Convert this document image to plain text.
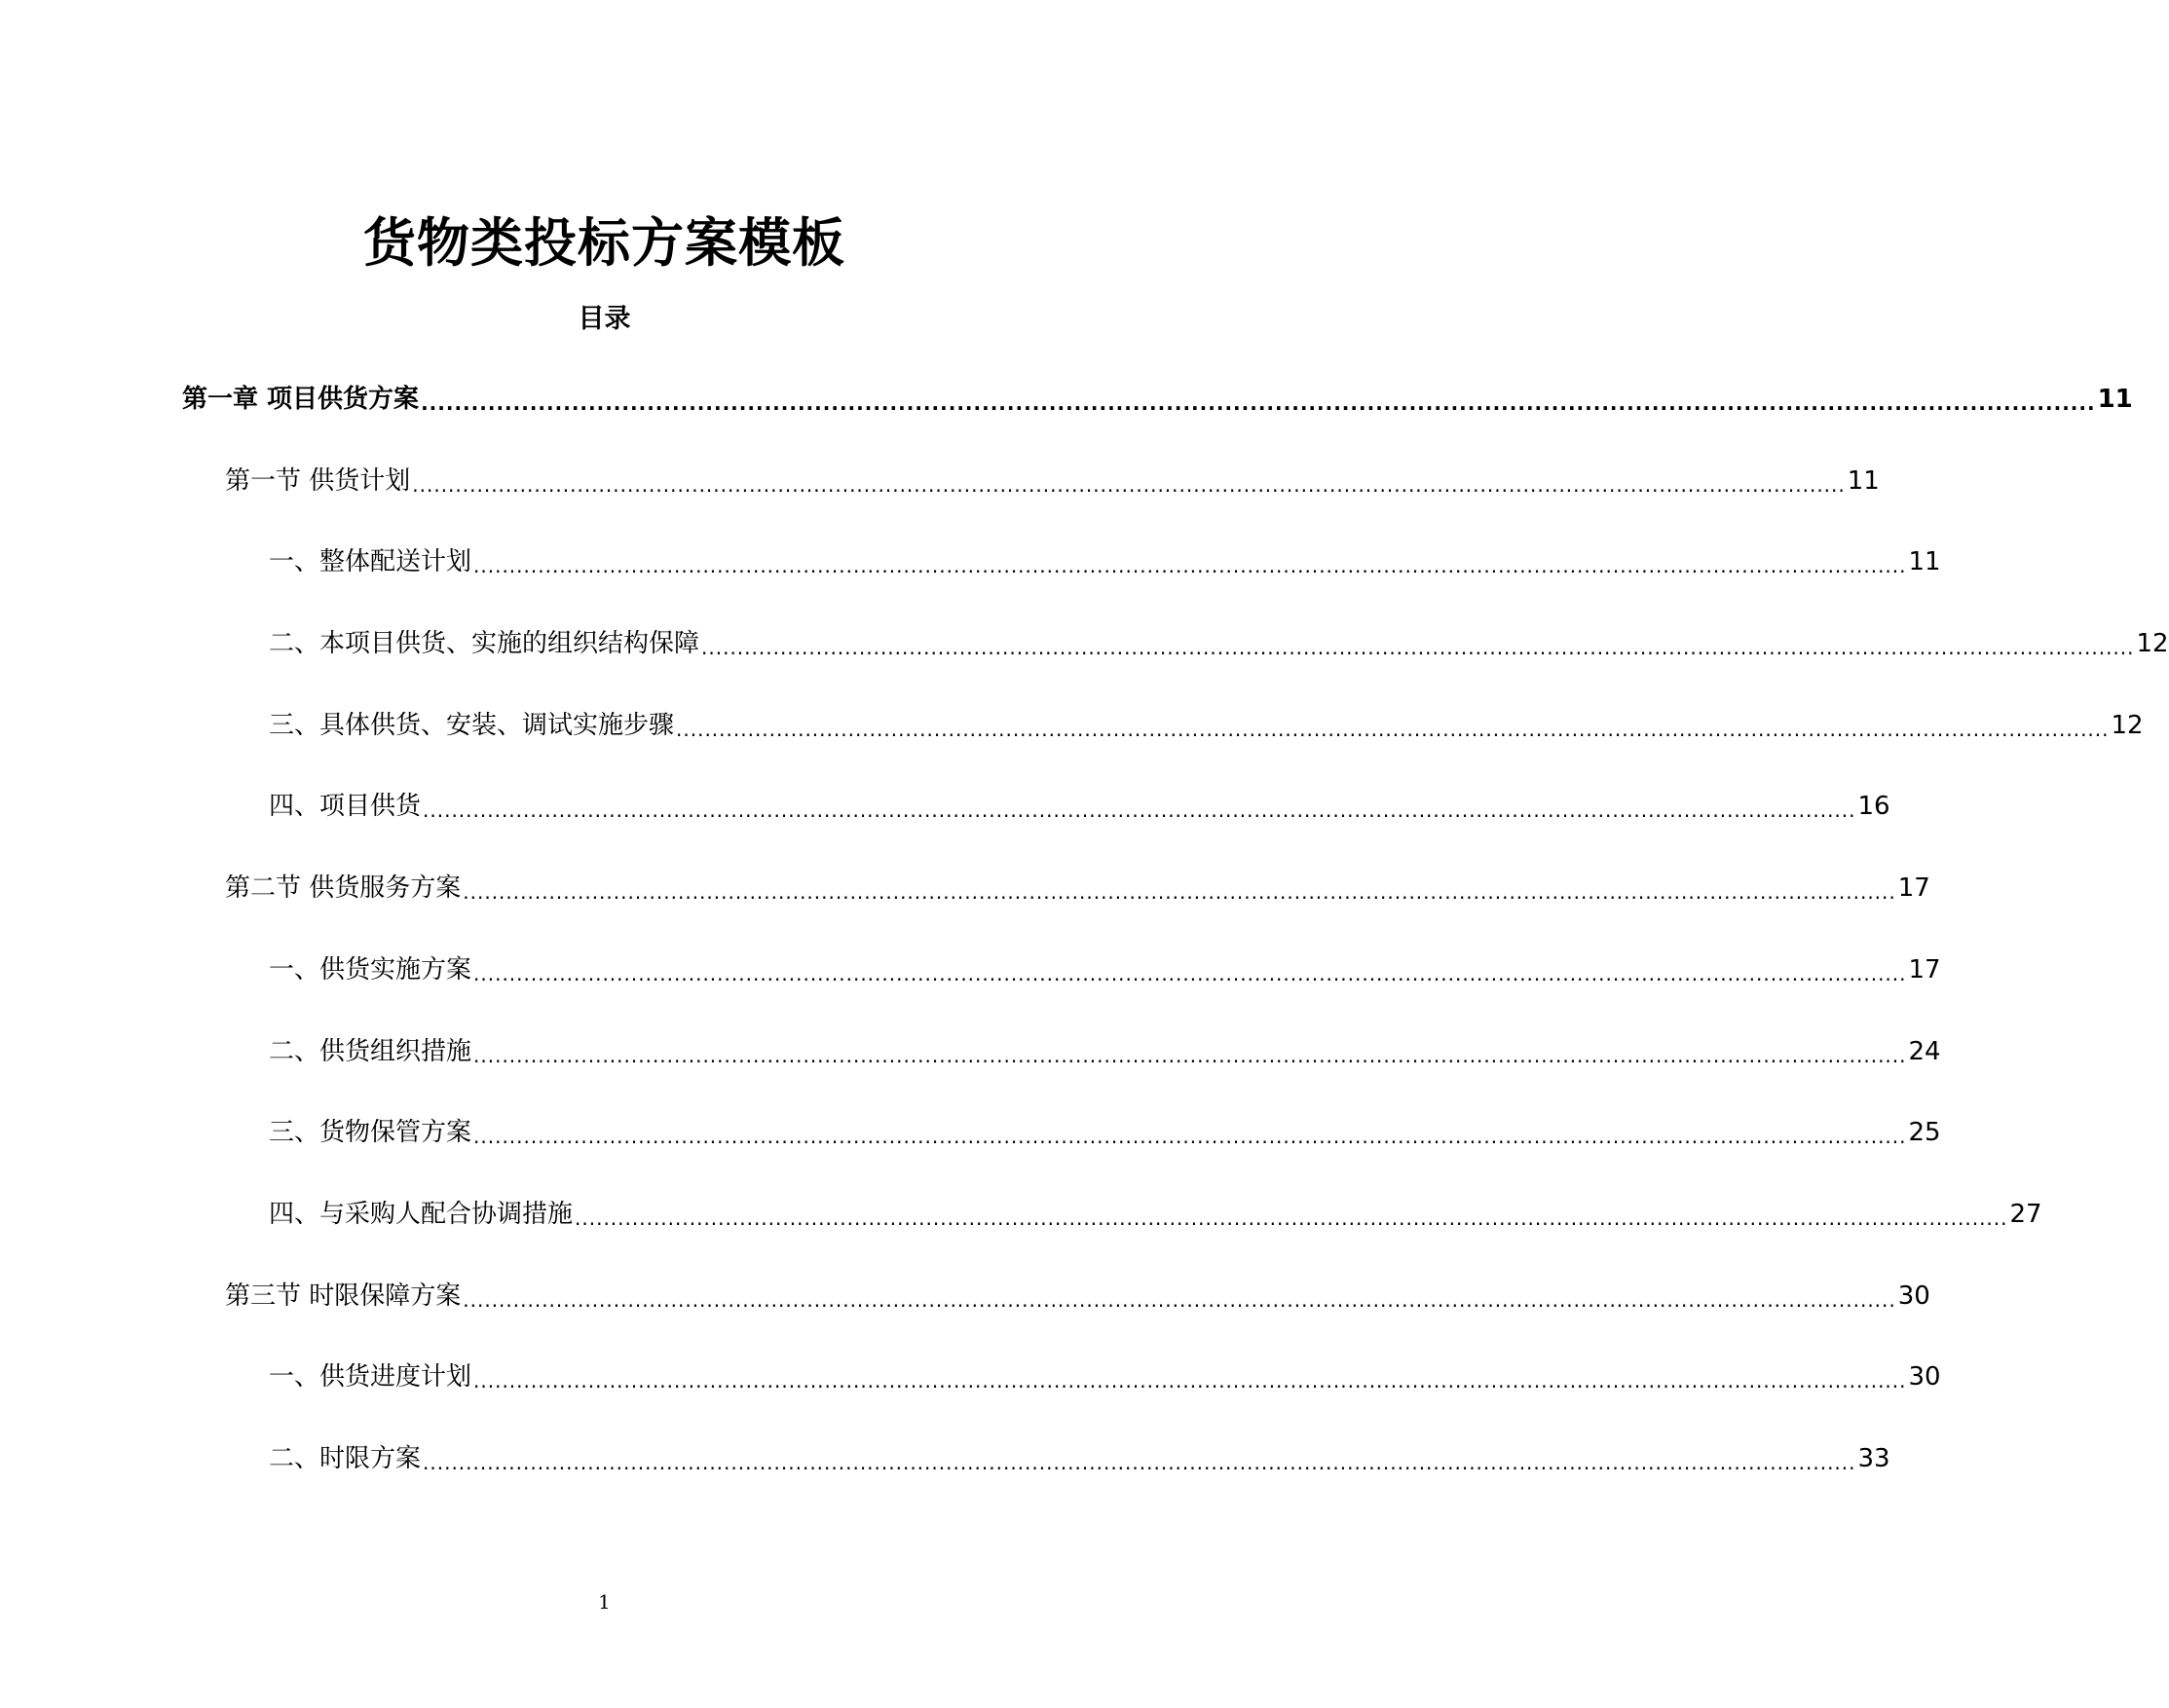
货物类投标方案模板
目录
第一章 项目供货方案 ........................................................................................................................................................................................................ 11
第一节 供货计划 ........................................................................................................................................................................................................ 11
一、整体配送计划 ........................................................................................................................................................................................................ 11
二、本项目供货、实施的组织结构保障 ........................................................................................................................................................................................................ 12
三、具体供货、安装、调试实施步骤 ........................................................................................................................................................................................................ 12
四、项目供货 ........................................................................................................................................................................................................ 16
第二节 供货服务方案 ........................................................................................................................................................................................................ 17
一、供货实施方案 ........................................................................................................................................................................................................ 17
二、供货组织措施 ........................................................................................................................................................................................................ 24
三、货物保管方案 ........................................................................................................................................................................................................ 25
四、与采购人配合协调措施 ........................................................................................................................................................................................................ 27
第三节 时限保障方案 ........................................................................................................................................................................................................ 30
一、供货进度计划 ........................................................................................................................................................................................................ 30
二、时限方案 ........................................................................................................................................................................................................ 33
1
